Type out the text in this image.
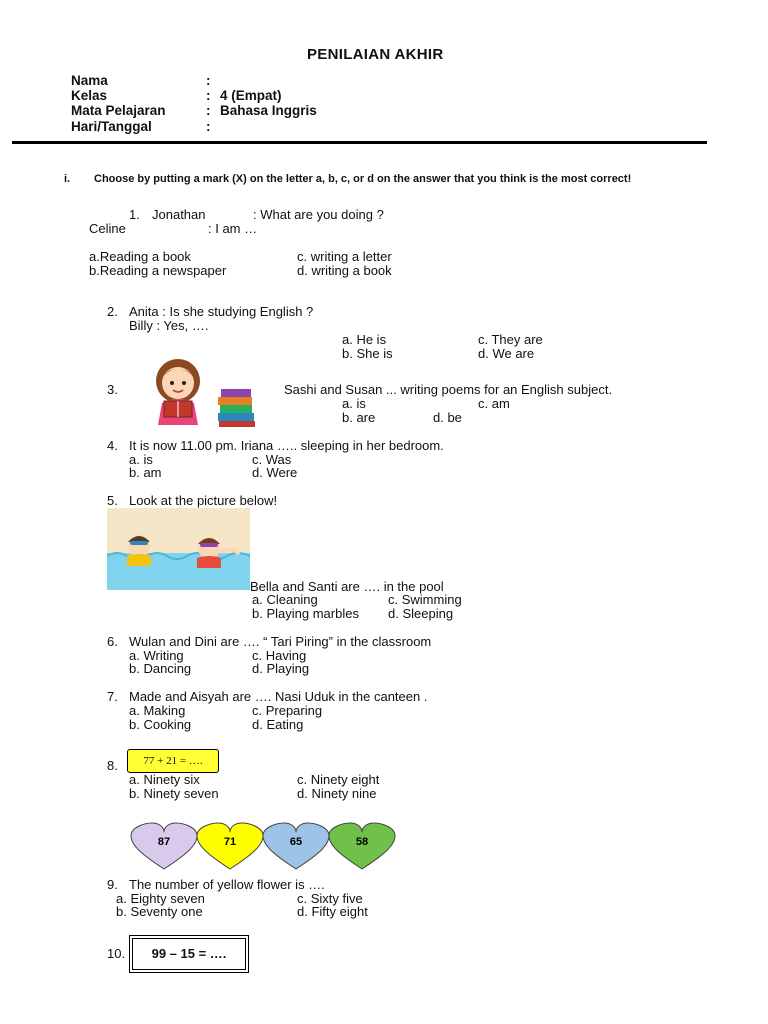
PENILAIAN AKHIR
Nama	:
Kelas	: 4 (Empat)
Mata Pelajaran	: Bahasa Inggris
Hari/Tanggal	:
i. Choose by putting a mark (X) on the letter a, b, c, or d on the answer that you think is the most correct!
1. Jonathan	: What are you doing ?
Celine	: I am …
a.Reading a book	c. writing a letter
b.Reading a newspaper	d. writing a book
2. Anita : Is she studying English ?
Billy : Yes, ….
a. He is	c. They are
b. She is	d. We are
3.	Sashi and Susan ... writing poems for an English subject.
a. is	c. am
b. are	d. be
4. It is now 11.00 pm. Iriana ….. sleeping in her bedroom.
a. is	c. Was
b. am	d. Were
5. Look at the picture below!
Bella and Santi are …. in the pool
a. Cleaning	c. Swimming
b. Playing marbles d. Sleeping
6. Wulan and Dini are …. “ Tari Piring” in the classroom
a. Writing	c. Having
b. Dancing	d. Playing
7. Made and Aisyah are …. Nasi Uduk in the canteen .
a. Making	c. Preparing
b. Cooking	d. Eating
8.	77 + 21 = ….
a. Ninety six	c. Ninety eight
b. Ninety seven	d. Ninety nine
87	71	65	58
9. The number of yellow flower is ….
a. Eighty seven	c. Sixty five
b. Seventy one	d. Fifty eight
10.	99 – 15 = ….
